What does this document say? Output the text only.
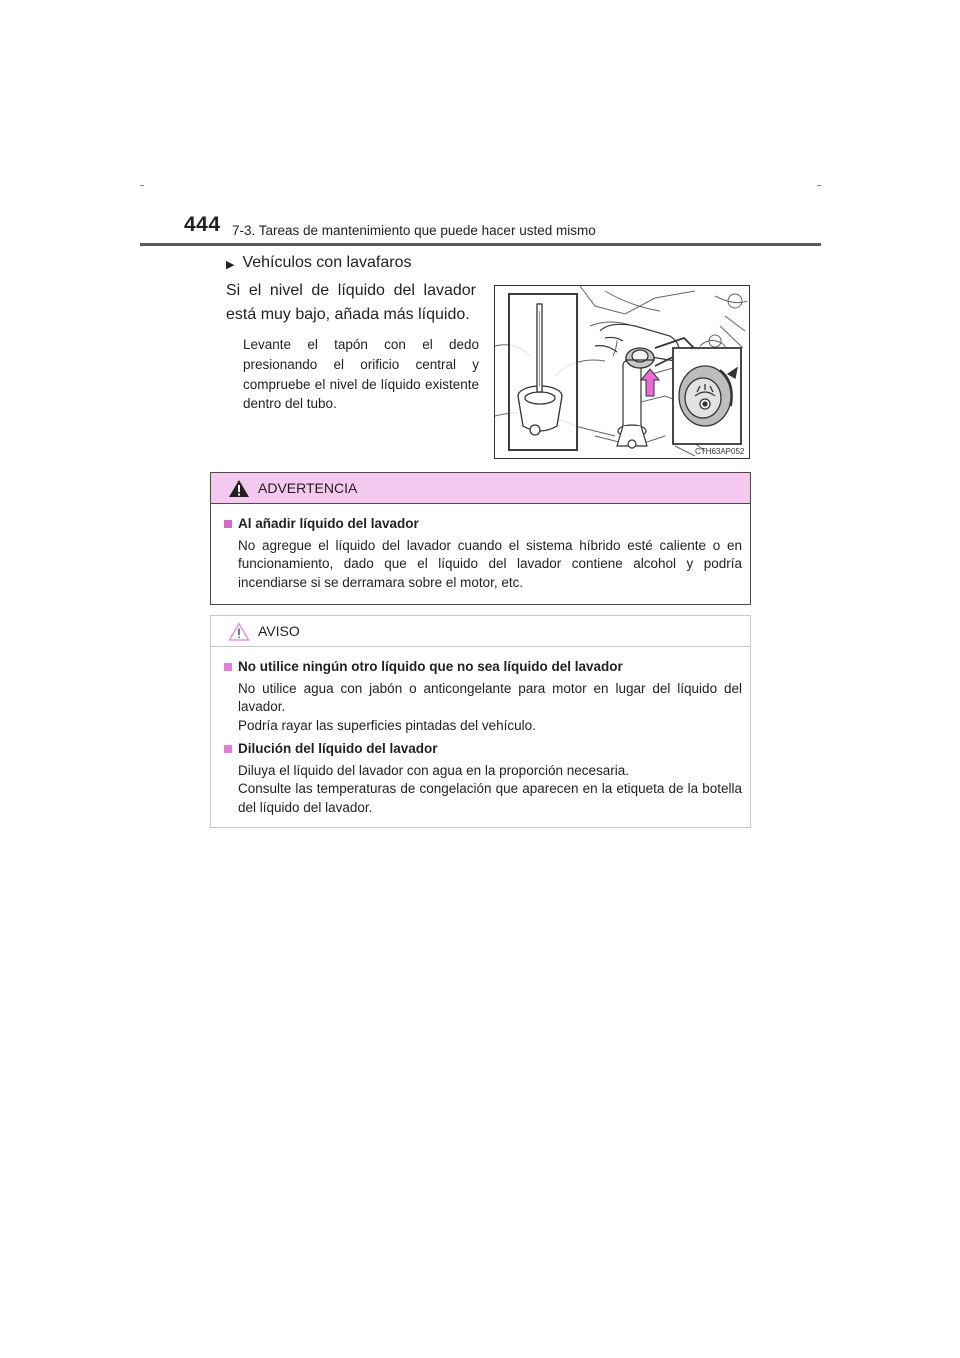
444 7-3. Tareas de mantenimiento que puede hacer usted mismo
▶ Vehículos con lavafaros
Si el nivel de líquido del lavador está muy bajo, añada más líquido.
Levante el tapón con el dedo presionando el orificio central y compruebe el nivel de líquido existente dentro del tubo.
CTH63AP052
ADVERTENCIA
Al añadir líquido del lavador
No agregue el líquido del lavador cuando el sistema híbrido esté caliente o en funcionamiento, dado que el líquido del lavador contiene alcohol y podría incendiarse si se derramara sobre el motor, etc.
AVISO
No utilice ningún otro líquido que no sea líquido del lavador
No utilice agua con jabón o anticongelante para motor en lugar del líquido del lavador.
Podría rayar las superficies pintadas del vehículo.
Dilución del líquido del lavador
Diluya el líquido del lavador con agua en la proporción necesaria.
Consulte las temperaturas de congelación que aparecen en la etiqueta de la botella del líquido del lavador.
